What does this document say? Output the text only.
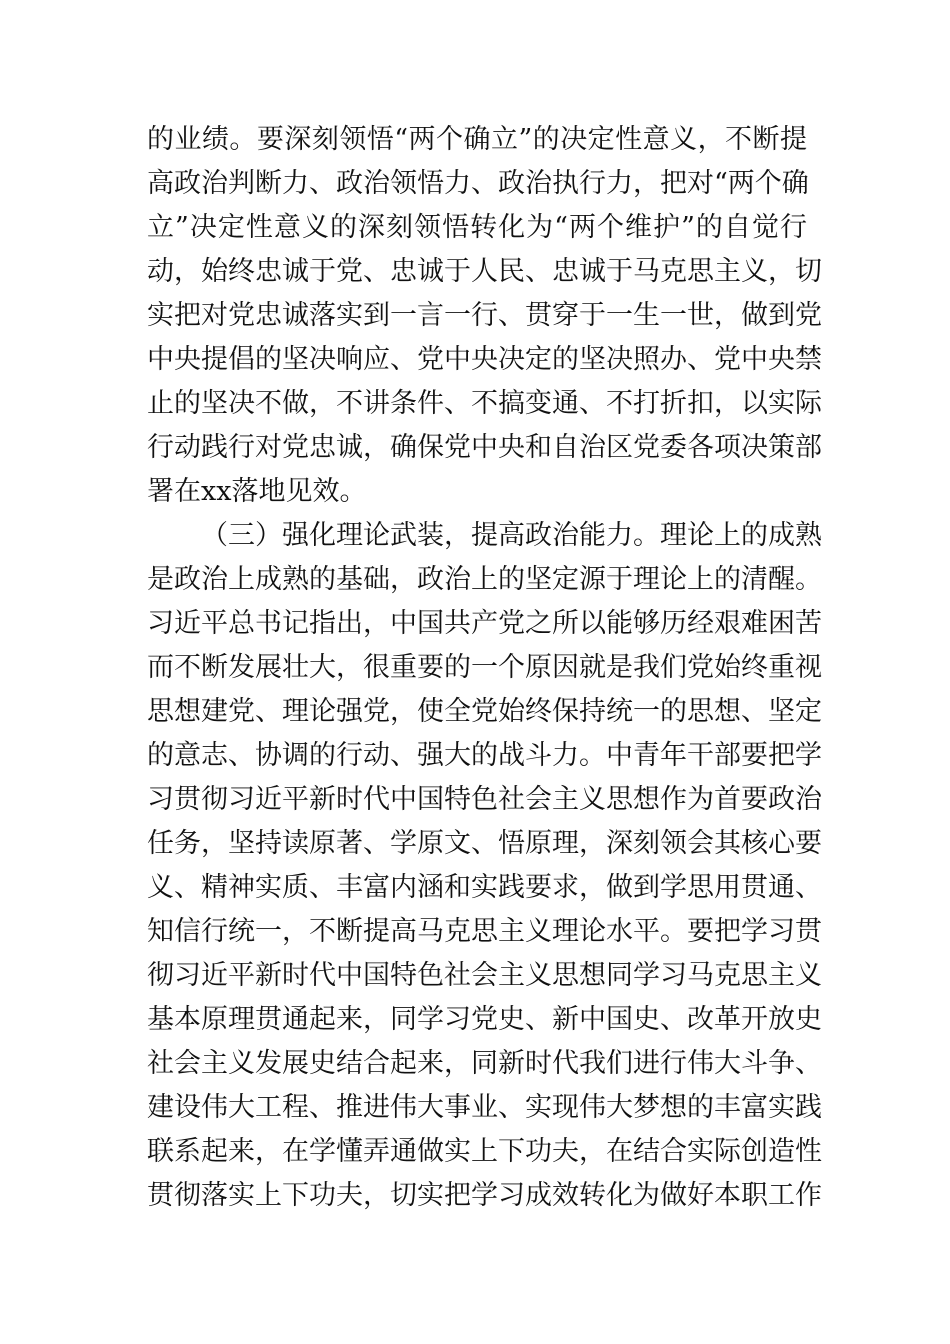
的业绩。要深刻领悟“两个确立”的决定性意义，不断提
高政治判断力、政治领悟力、政治执行力，把对“两个确
立”决定性意义的深刻领悟转化为“两个维护”的自觉行
动，始终忠诚于党、忠诚于人民、忠诚于马克思主义，切
实把对党忠诚落实到一言一行、贯穿于一生一世，做到党
中央提倡的坚决响应、党中央决定的坚决照办、党中央禁
止的坚决不做，不讲条件、不搞变通、不打折扣，以实际
行动践行对党忠诚，确保党中央和自治区党委各项决策部
署在xx落地见效。
（三）强化理论武装，提高政治能力。理论上的成熟
是政治上成熟的基础，政治上的坚定源于理论上的清醒。
习近平总书记指出，中国共产党之所以能够历经艰难困苦
而不断发展壮大，很重要的一个原因就是我们党始终重视
思想建党、理论强党，使全党始终保持统一的思想、坚定
的意志、协调的行动、强大的战斗力。中青年干部要把学
习贯彻习近平新时代中国特色社会主义思想作为首要政治
任务，坚持读原著、学原文、悟原理，深刻领会其核心要
义、精神实质、丰富内涵和实践要求，做到学思用贯通、
知信行统一，不断提高马克思主义理论水平。要把学习贯
彻习近平新时代中国特色社会主义思想同学习马克思主义
基本原理贯通起来，同学习党史、新中国史、改革开放史
社会主义发展史结合起来，同新时代我们进行伟大斗争、
建设伟大工程、推进伟大事业、实现伟大梦想的丰富实践
联系起来，在学懂弄通做实上下功夫，在结合实际创造性
贯彻落实上下功夫，切实把学习成效转化为做好本职工作
